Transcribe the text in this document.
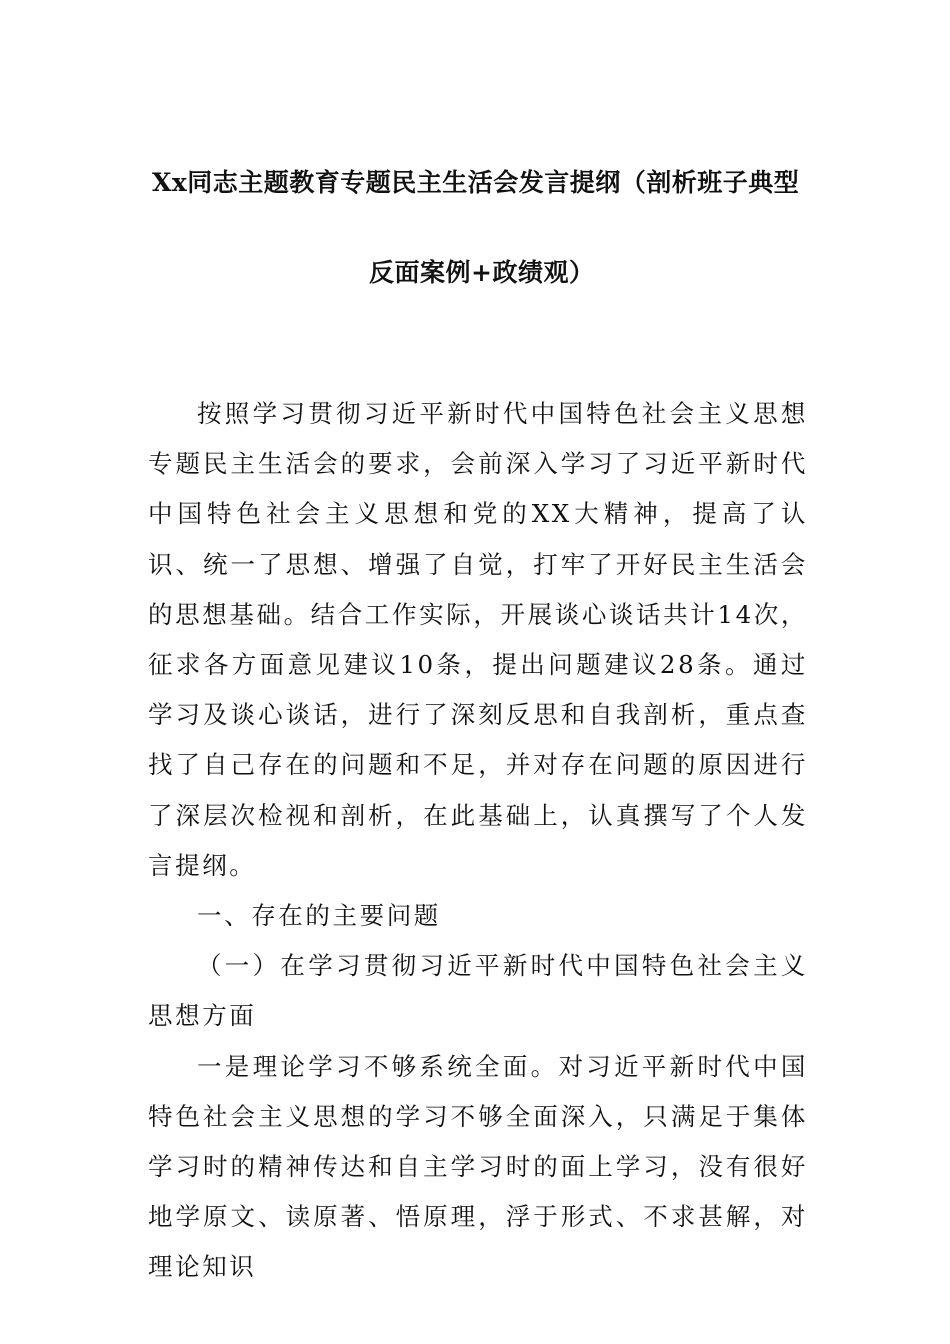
Xx同志主题教育专题民主生活会发言提纲（剖析班子典型
反面案例+政绩观）

按照学习贯彻习近平新时代中国特色社会主义思想专题民主生活会的要求，会前深入学习了习近平新时代中国特色社会主义思想和党的XX大精神，提高了认识、统一了思想、增强了自觉，打牢了开好民主生活会的思想基础。结合工作实际，开展谈心谈话共计14次，征求各方面意见建议10条，提出问题建议28条。通过学习及谈心谈话，进行了深刻反思和自我剖析，重点查找了自己存在的问题和不足，并对存在问题的原因进行了深层次检视和剖析，在此基础上，认真撰写了个人发言提纲。

一、存在的主要问题

（一）在学习贯彻习近平新时代中国特色社会主义思想方面

一是理论学习不够系统全面。对习近平新时代中国特色社会主义思想的学习不够全面深入，只满足于集体学习时的精神传达和自主学习时的面上学习，没有很好地学原文、读原著、悟原理，浮于形式、不求甚解，对理论知识
